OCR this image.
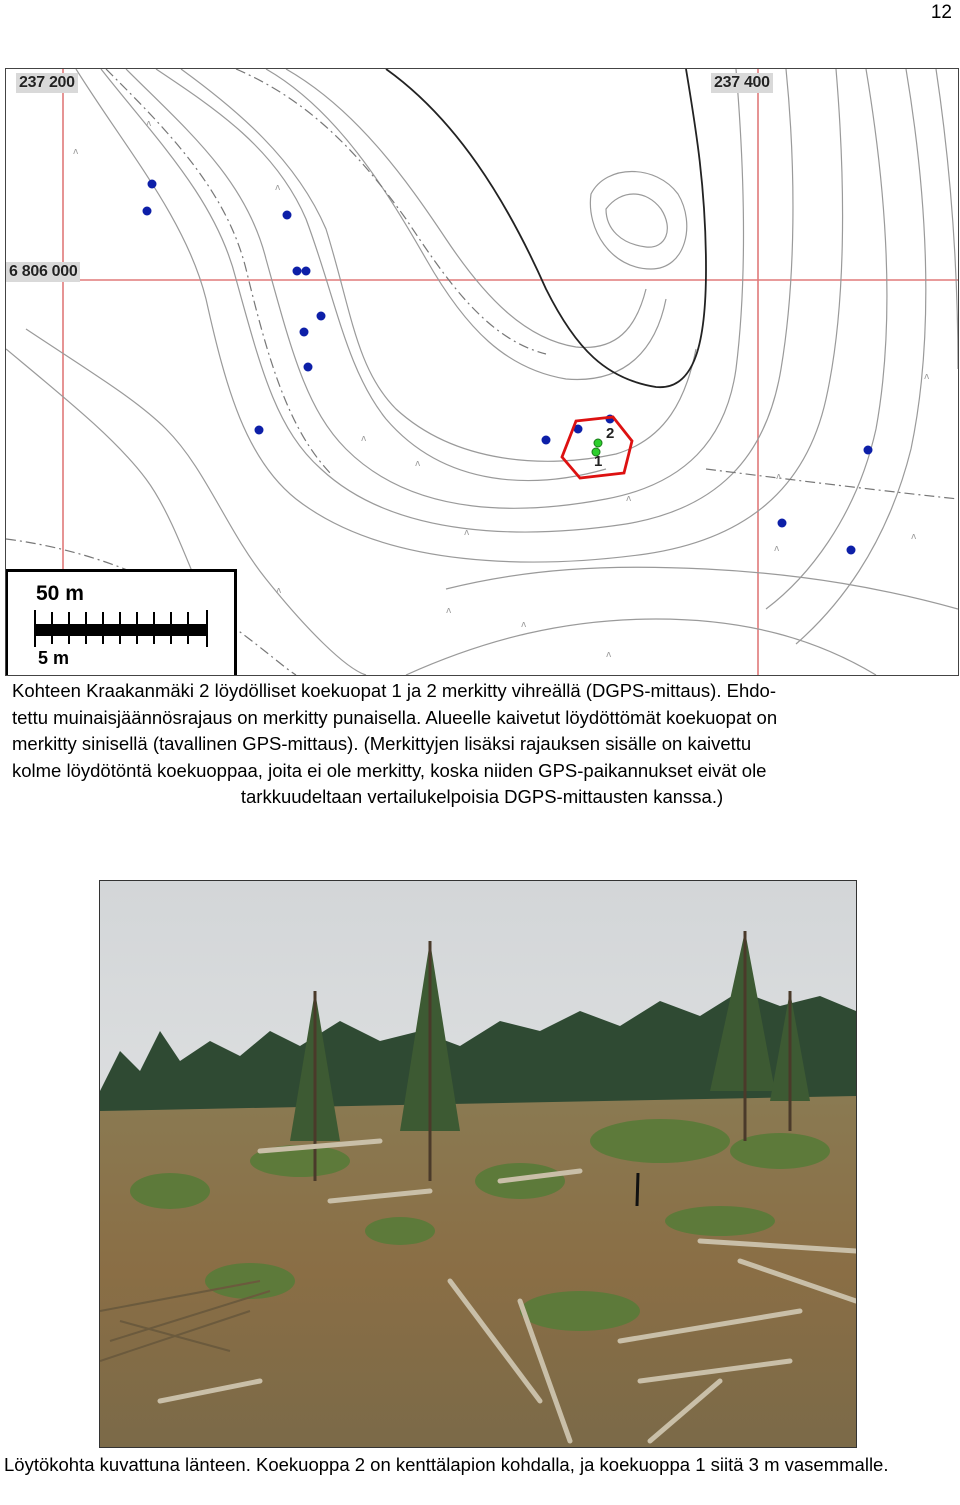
12
ᴧ
ᴧ
ᴧ
ᴧ
ᴧ
ᴧ
ᴧ
ᴧ
ᴧ
ᴧ
ᴧ
ᴧ
ᴧ
ᴧ
ᴧ
237 200	237 400
6 806 000
2
1
50 m
5 m
Kohteen Kraakanmäki 2 löydölliset koekuopat 1 ja 2 merkitty vihreällä (DGPS-mittaus). Ehdo-
tettu muinaisjäännösrajaus on merkitty punaisella. Alueelle kaivetut löydöttömät koekuopat on
merkitty sinisellä (tavallinen GPS-mittaus). (Merkittyjen lisäksi rajauksen sisälle on kaivettu
kolme löydötöntä koekuoppaa, joita ei ole merkitty, koska niiden GPS-paikannukset eivät ole
tarkkuudeltaan vertailukelpoisia DGPS-mittausten kanssa.)
Löytökohta kuvattuna länteen. Koekuoppa 2 on kenttälapion kohdalla, ja koekuoppa 1 siitä 3 m vasemmalle.
